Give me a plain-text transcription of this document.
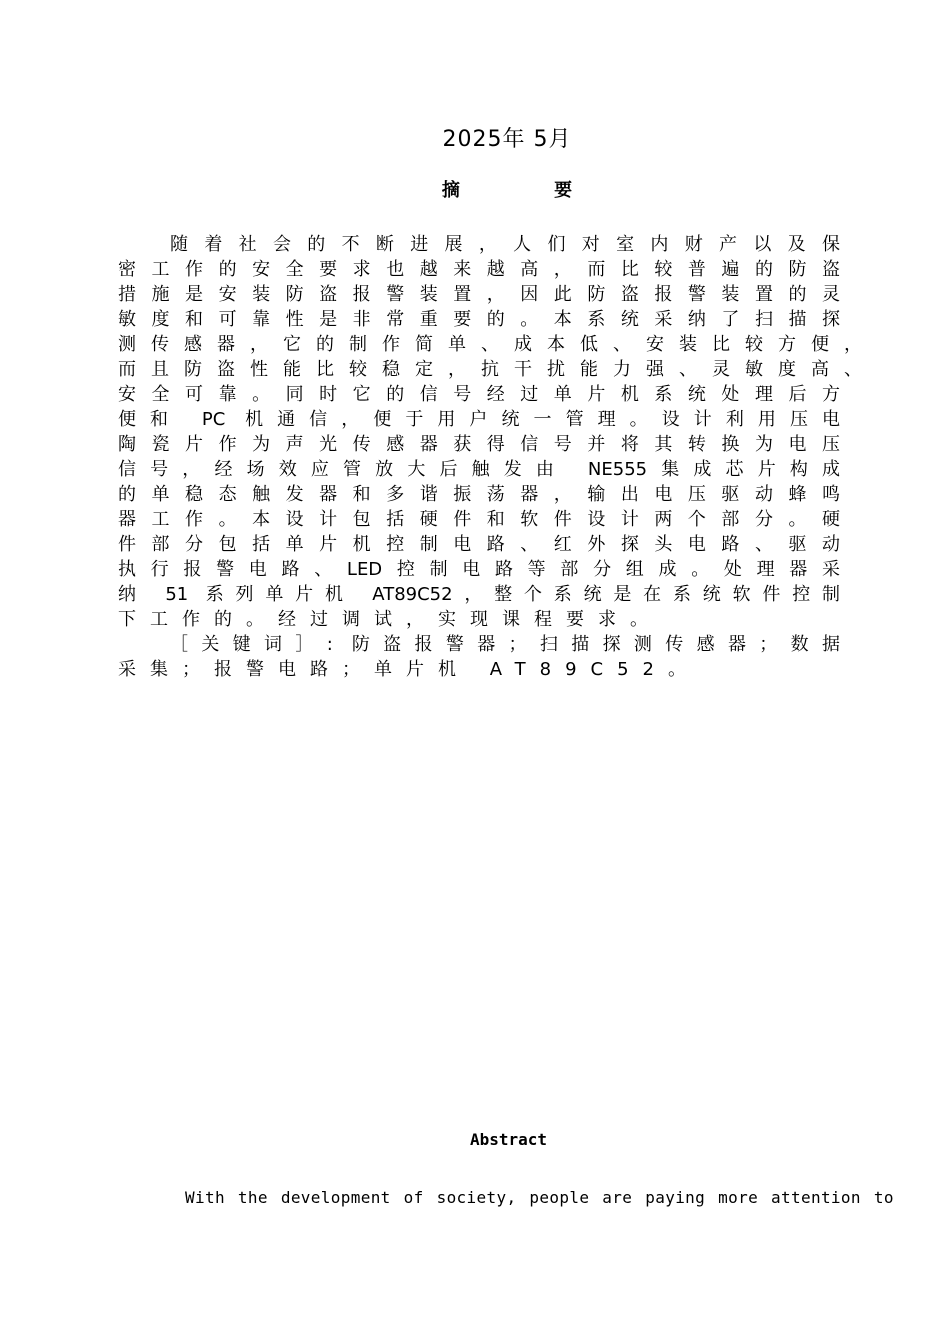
2025年 5月
摘 要
随着社会的不断进展，人们对室内财产以及保
密工作的安全要求也越来越高，而比较普遍的防盗
措施是安装防盗报警装置，因此防盗报警装置的灵
敏度和可靠性是非常重要的。本系统采纳了扫描探
测传感器，它的制作简单、成本低、安装比较方便，
而且防盗性能比较稳定，抗干扰能力强、灵敏度高、
安全可靠。同时它的信号经过单片机系统处理后方
便和 PC 机通信，便于用户统一管理。设计利用压电
陶瓷片作为声光传感器获得信号并将其转换为电压
信号，经场效应管放大后触发由 NE555集成芯片构成
的单稳态触发器和多谐振荡器，输出电压驱动蜂鸣
器工作。本设计包括硬件和软件设计两个部分。硬
件部分包括单片机控制电路、红外探头电路、驱动
执行报警电路、LED控制电路等部分组成。处理器采
纳 51 系列单片机 AT89C52，整个系统是在系统软件控制
下工作的。经过调试，实现课程要求。
［关键词］: 防盗报警器；扫描探测传感器；数据
采集；报警电路；单片机 AT89C52。
Abstract
With the development of society, people are paying more attention to
